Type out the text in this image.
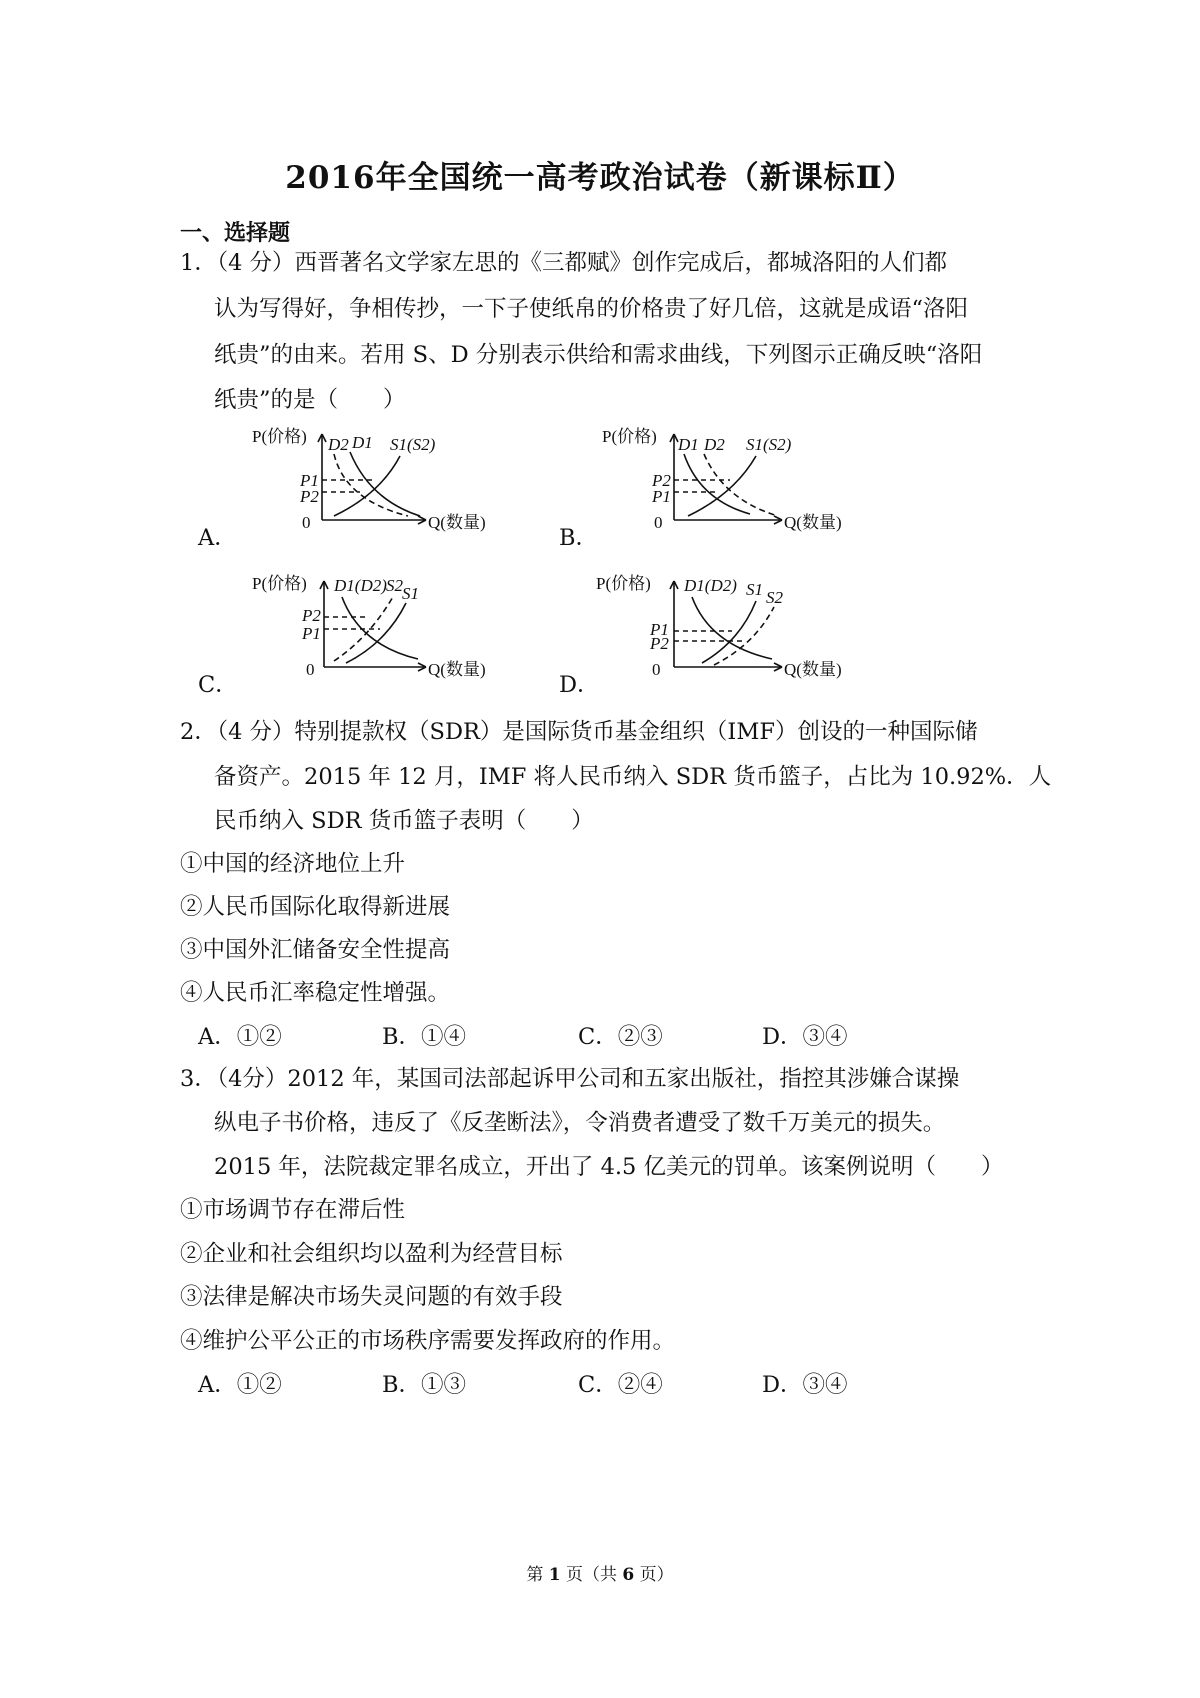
2016年全国统一高考政治试卷（新课标Ⅱ）
一、选择题
1．（4 分）西晋著名文学家左思的《三都赋》创作完成后，都城洛阳的人们都
认为写得好，争相传抄，一下子使纸帛的价格贵了好几倍，这就是成语“洛阳
纸贵”的由来。若用 S、D 分别表示供给和需求曲线，下列图示正确反映“洛阳
纸贵”的是（　　）
A．	B．
C．	D．
P(价格)
Q(数量)
0
D2 D1 S1(S2)
P1
P2
P(价格)
Q(数量)
0
D1 D2 S1(S2)
P2
P1
P(价格)
Q(数量)
0
D1(D2) S2 S1
P2
P1
P(价格)
Q(数量)
0
D1(D2) S1 S2
P1
P2
2．（4 分）特别提款权（SDR）是国际货币基金组织（IMF）创设的一种国际储
备资产。2015 年 12 月，IMF 将人民币纳入 SDR 货币篮子，占比为 10.92%．人
民币纳入 SDR 货币篮子表明（　　）
①中国的经济地位上升
②人民币国际化取得新进展
③中国外汇储备安全性提高
④人民币汇率稳定性增强。
A．①②	B．①④	C．②③	D．③④
3．（4分）2012 年，某国司法部起诉甲公司和五家出版社，指控其涉嫌合谋操
纵电子书价格，违反了《反垄断法》，令消费者遭受了数千万美元的损失。
2015 年，法院裁定罪名成立，开出了 4.5 亿美元的罚单。该案例说明（　　）
①市场调节存在滞后性
②企业和社会组织均以盈利为经营目标
③法律是解决市场失灵问题的有效手段
④维护公平公正的市场秩序需要发挥政府的作用。
A．①②	B．①③	C．②④	D．③④
第 1 页（共 6 页）
